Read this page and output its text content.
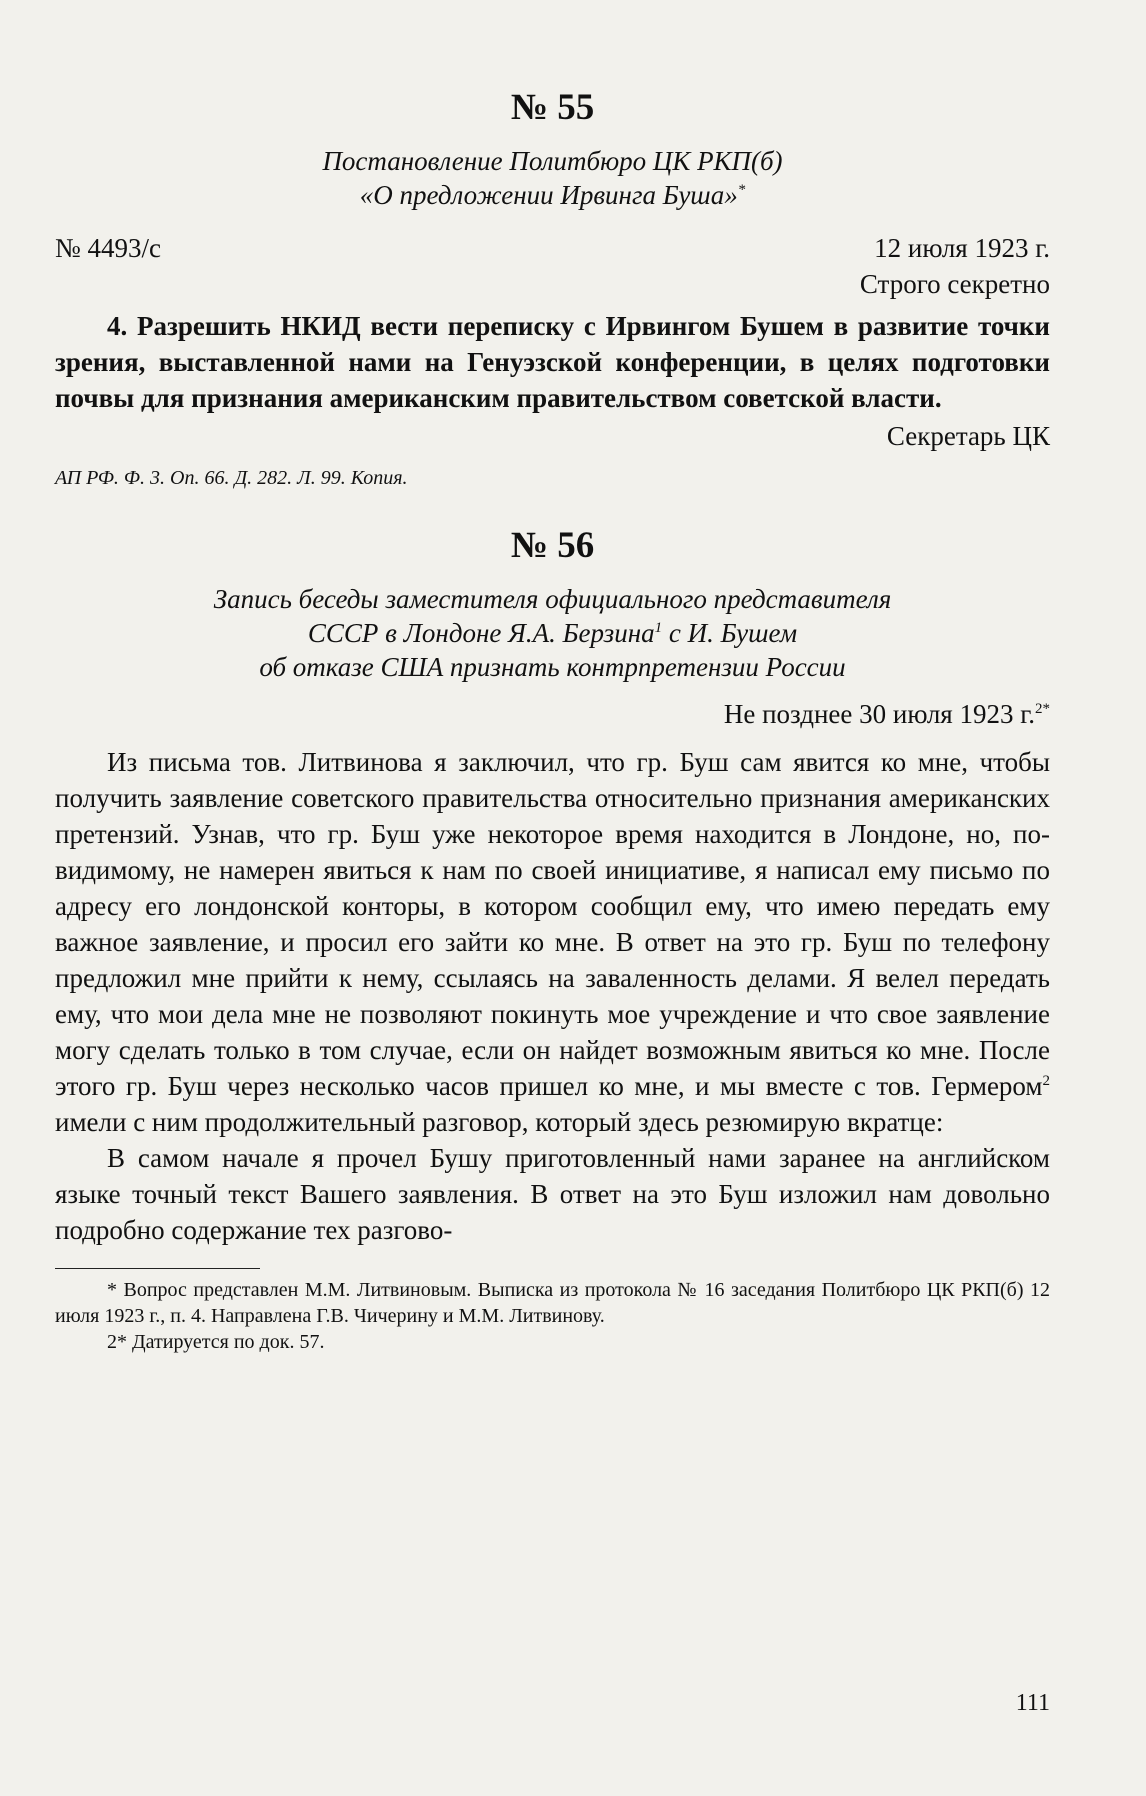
№ 55
Постановление Политбюро ЦК РКП(б)
«О предложении Ирвинга Буша»*
№ 4493/с	12 июля 1923 г.
Строго секретно

4. Разрешить НКИД вести переписку с Ирвингом Бушем в развитие точки зрения, выставленной нами на Генуэзской конференции, в целях подготовки почвы для признания американским правительством советской власти.

Секретарь ЦК

АП РФ. Ф. 3. Оп. 66. Д. 282. Л. 99. Копия.

№ 56
Запись беседы заместителя официального представителя
СССР в Лондоне Я.А. Берзина$^1$ с И. Бушем
об отказе США признать контрпретензии России
Не позднее 30 июля 1923 г.$^{2*}$

Из письма тов. Литвинова я заключил, что гр. Буш сам явится ко мне, чтобы получить заявление советского правительства относительно признания американских претензий. Узнав, что гр. Буш уже некоторое время находится в Лондоне, но, по-видимому, не намерен явиться к нам по своей инициативе, я написал ему письмо по адресу его лондонской конторы, в котором сообщил ему, что имею передать ему важное заявление, и просил его зайти ко мне. В ответ на это гр. Буш по телефону предложил мне прийти к нему, ссылаясь на заваленность делами. Я велел передать ему, что мои дела мне не позволяют покинуть мое учреждение и что свое заявление могу сделать только в том случае, если он найдет возможным явиться ко мне. После этого гр. Буш через несколько часов пришел ко мне, и мы вместе с тов. Гермером$^2$ имели с ним продолжительный разговор, который здесь резюмирую вкратце:

В самом начале я прочел Бушу приготовленный нами заранее на английском языке точный текст Вашего заявления. В ответ на это Буш изложил нам довольно подробно содержание тех разгово-

* Вопрос представлен М.М. Литвиновым. Выписка из протокола № 16 заседания Политбюро ЦК РКП(б) 12 июля 1923 г., п. 4. Направлена Г.В. Чичерину и М.М. Литвинову.

2* Датируется по док. 57.

111
